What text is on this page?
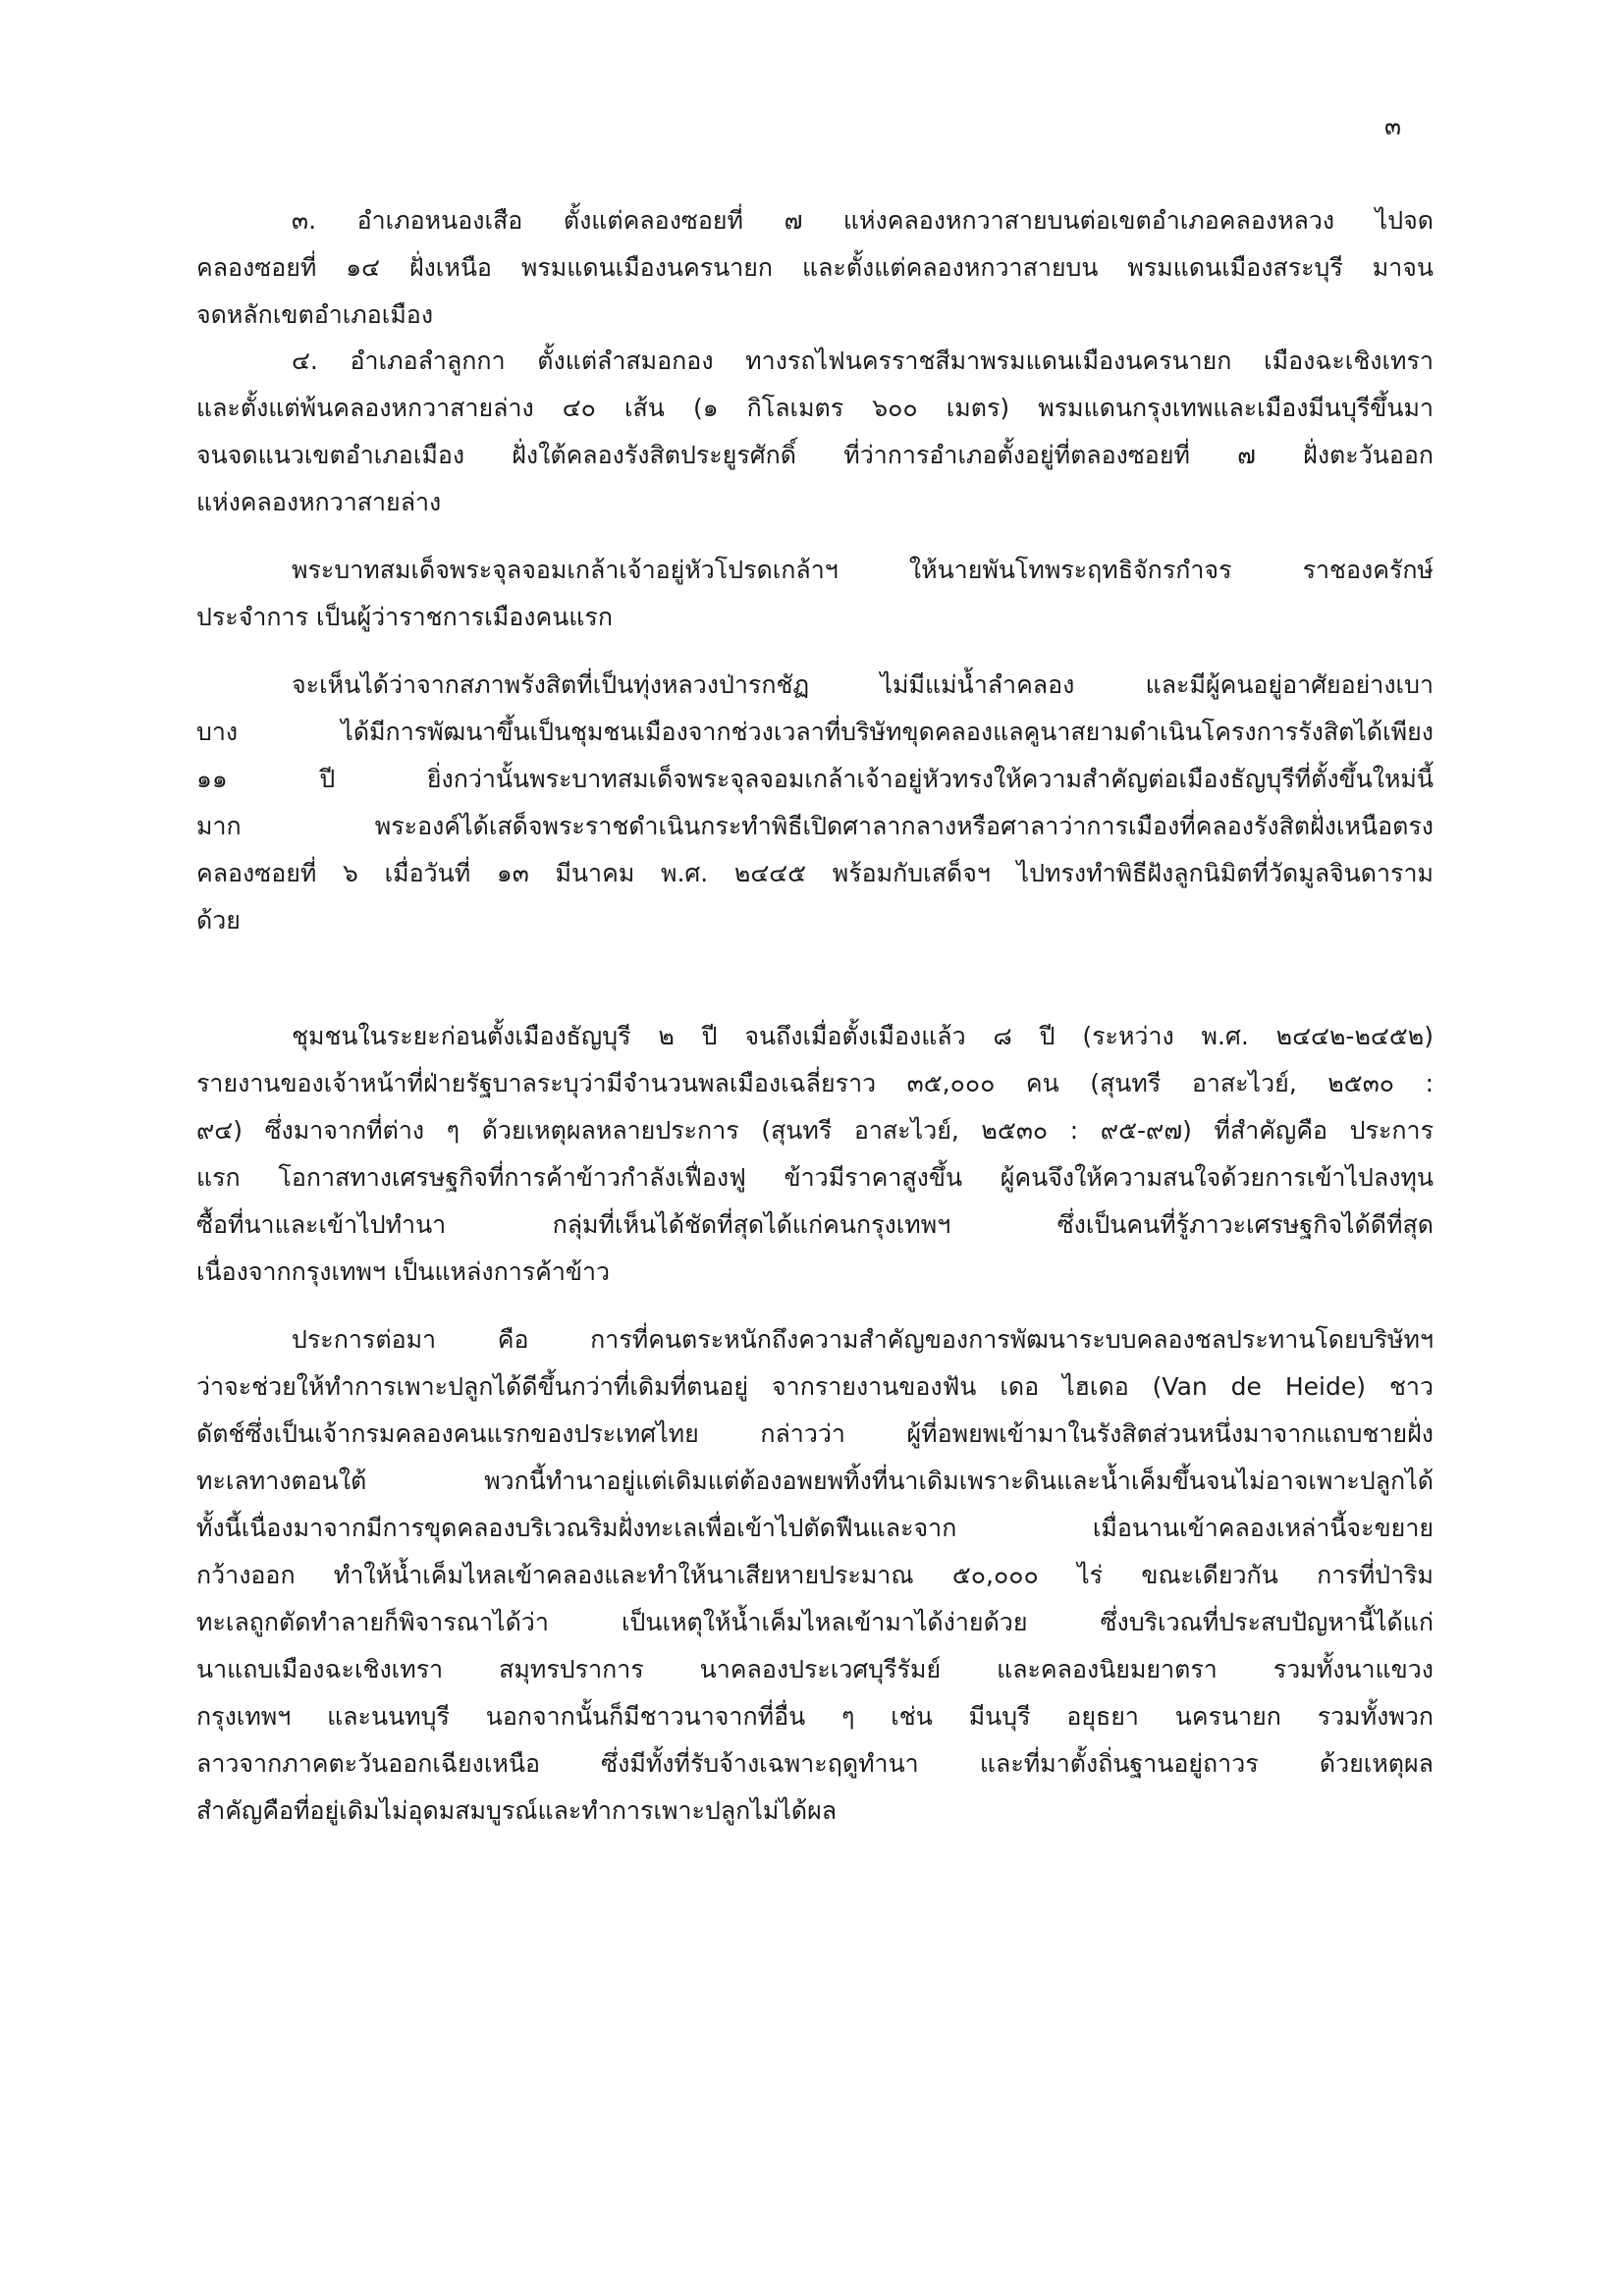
๓
๓. อำเภอหนองเสือ ตั้งแต่คลองซอยที่ ๗ แห่งคลองหกวาสายบนต่อเขตอำเภอคลองหลวง ไปจด
คลองซอยที่ ๑๔ ฝั่งเหนือ พรมแดนเมืองนครนายก และตั้งแต่คลองหกวาสายบน พรมแดนเมืองสระบุรี มาจน
จดหลักเขตอำเภอเมือง
๔. อำเภอลำลูกกา ตั้งแต่ลำสมอกอง ทางรถไฟนครราชสีมาพรมแดนเมืองนครนายก เมืองฉะเชิงเทรา
และตั้งแต่พ้นคลองหกวาสายล่าง ๔๐ เส้น (๑ กิโลเมตร ๖๐๐ เมตร) พรมแดนกรุงเทพและเมืองมีนบุรีขึ้นมา
จนจดแนวเขตอำเภอเมือง ฝั่งใต้คลองรังสิตประยูรศักดิ์ ที่ว่าการอำเภอตั้งอยู่ที่ตลองซอยที่ ๗ ฝั่งตะวันออก
แห่งคลองหกวาสายล่าง
พระบาทสมเด็จพระจุลจอมเกล้าเจ้าอยู่หัวโปรดเกล้าฯ ให้นายพันโทพระฤทธิจักรกำจร ราชองครักษ์
ประจำการ เป็นผู้ว่าราชการเมืองคนแรก
จะเห็นได้ว่าจากสภาพรังสิตที่เป็นทุ่งหลวงป่ารกชัฏ ไม่มีแม่น้ำลำคลอง และมีผู้คนอยู่อาศัยอย่างเบา
บาง ได้มีการพัฒนาขึ้นเป็นชุมชนเมืองจากช่วงเวลาที่บริษัทขุดคลองแลคูนาสยามดำเนินโครงการรังสิตได้เพียง
๑๑ ปี ยิ่งกว่านั้นพระบาทสมเด็จพระจุลจอมเกล้าเจ้าอยู่หัวทรงให้ความสำคัญต่อเมืองธัญบุรีที่ตั้งขึ้นใหม่นี้
มาก พระองค์ได้เสด็จพระราชดำเนินกระทำพิธีเปิดศาลากลางหรือศาลาว่าการเมืองที่คลองรังสิตฝั่งเหนือตรง
คลองซอยที่ ๖ เมื่อวันที่ ๑๓ มีนาคม พ.ศ. ๒๔๔๕ พร้อมกับเสด็จฯ ไปทรงทำพิธีฝังลูกนิมิตที่วัดมูลจินดาราม
ด้วย
ชุมชนในระยะก่อนตั้งเมืองธัญบุรี ๒ ปี จนถึงเมื่อตั้งเมืองแล้ว ๘ ปี (ระหว่าง พ.ศ. ๒๔๔๒-๒๔๕๒)
รายงานของเจ้าหน้าที่ฝ่ายรัฐบาลระบุว่ามีจำนวนพลเมืองเฉลี่ยราว ๓๕,๐๐๐ คน (สุนทรี อาสะไวย์, ๒๕๓๐ :
๙๔) ซึ่งมาจากที่ต่าง ๆ ด้วยเหตุผลหลายประการ (สุนทรี อาสะไวย์, ๒๕๓๐ : ๙๕-๙๗) ที่สำคัญคือ ประการ
แรก โอกาสทางเศรษฐกิจที่การค้าข้าวกำลังเฟื่องฟู ข้าวมีราคาสูงขึ้น ผู้คนจึงให้ความสนใจด้วยการเข้าไปลงทุน
ซื้อที่นาและเข้าไปทำนา กลุ่มที่เห็นได้ชัดที่สุดได้แก่คนกรุงเทพฯ ซึ่งเป็นคนที่รู้ภาวะเศรษฐกิจได้ดีที่สุด
เนื่องจากกรุงเทพฯ เป็นแหล่งการค้าข้าว
ประการต่อมา คือ การที่คนตระหนักถึงความสำคัญของการพัฒนาระบบคลองชลประทานโดยบริษัทฯ
ว่าจะช่วยให้ทำการเพาะปลูกได้ดีขึ้นกว่าที่เดิมที่ตนอยู่ จากรายงานของฟัน เดอ ไฮเดอ (Van de Heide) ชาว
ดัตช์ซึ่งเป็นเจ้ากรมคลองคนแรกของประเทศไทย กล่าวว่า ผู้ที่อพยพเข้ามาในรังสิตส่วนหนึ่งมาจากแถบชายฝั่ง
ทะเลทางตอนใต้ พวกนี้ทำนาอยู่แต่เดิมแต่ต้องอพยพทิ้งที่นาเดิมเพราะดินและน้ำเค็มขึ้นจนไม่อาจเพาะปลูกได้
ทั้งนี้เนื่องมาจากมีการขุดคลองบริเวณริมฝั่งทะเลเพื่อเข้าไปตัดฟืนและจาก เมื่อนานเข้าคลองเหล่านี้จะขยาย
กว้างออก ทำให้น้ำเค็มไหลเข้าคลองและทำให้นาเสียหายประมาณ ๕๐,๐๐๐ ไร่ ขณะเดียวกัน การที่ป่าริม
ทะเลถูกตัดทำลายก็พิจารณาได้ว่า เป็นเหตุให้น้ำเค็มไหลเข้ามาได้ง่ายด้วย ซึ่งบริเวณที่ประสบปัญหานี้ได้แก่
นาแถบเมืองฉะเชิงเทรา สมุทรปราการ นาคลองประเวศบุรีรัมย์ และคลองนิยมยาตรา รวมทั้งนาแขวง
กรุงเทพฯ และนนทบุรี นอกจากนั้นก็มีชาวนาจากที่อื่น ๆ เช่น มีนบุรี อยุธยา นครนายก รวมทั้งพวก
ลาวจากภาคตะวันออกเฉียงเหนือ ซึ่งมีทั้งที่รับจ้างเฉพาะฤดูทำนา และที่มาตั้งถิ่นฐานอยู่ถาวร ด้วยเหตุผล
สำคัญคือที่อยู่เดิมไม่อุดมสมบูรณ์และทำการเพาะปลูกไม่ได้ผล
